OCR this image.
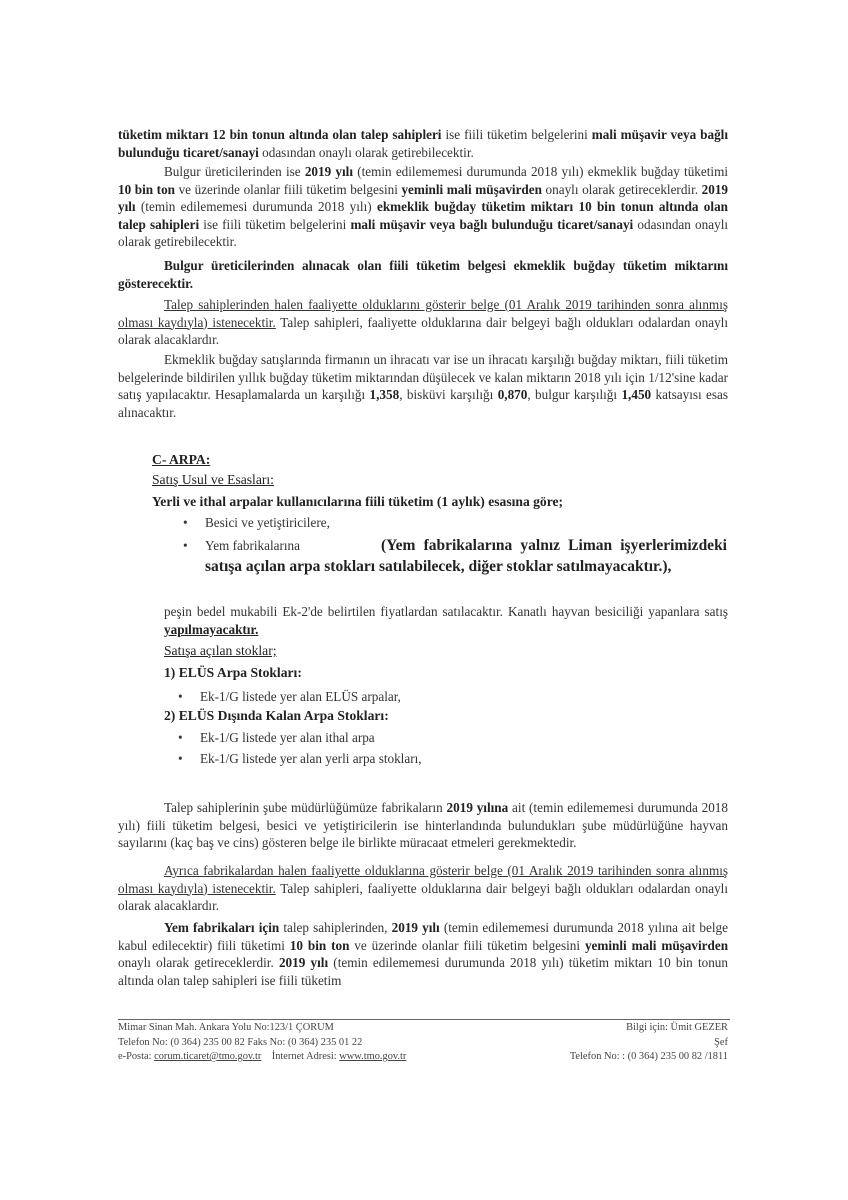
tüketim miktarı 12 bin tonun altında olan talep sahipleri ise fiili tüketim belgelerini mali müşavir veya bağlı bulunduğu ticaret/sanayi odasından onaylı olarak getirebilecektir.

Bulgur üreticilerinden ise 2019 yılı (temin edilememesi durumunda 2018 yılı) ekmeklik buğday tüketimi 10 bin ton ve üzerinde olanlar fiili tüketim belgesini yeminli mali müşavirden onaylı olarak getireceklerdir. 2019 yılı (temin edilememesi durumunda 2018 yılı) ekmeklik buğday tüketim miktarı 10 bin tonun altında olan talep sahipleri ise fiili tüketim belgelerini mali müşavir veya bağlı bulunduğu ticaret/sanayi odasından onaylı olarak getirebilecektir.

Bulgur üreticilerinden alınacak olan fiili tüketim belgesi ekmeklik buğday tüketim miktarını gösterecektir.

Talep sahiplerinden halen faaliyette olduklarını gösterir belge (01 Aralık 2019 tarihinden sonra alınmış olması kaydıyla) istenecektir. Talep sahipleri, faaliyette olduklarına dair belgeyi bağlı oldukları odalardan onaylı olarak alacaklardır.

Ekmeklik buğday satışlarında firmanın un ihracatı var ise un ihracatı karşılığı buğday miktarı, fiili tüketim belgelerinde bildirilen yıllık buğday tüketim miktarından düşülecek ve kalan miktarın 2018 yılı için 1/12'sine kadar satış yapılacaktır. Hesaplamalarda un karşılığı 1,358, bisküvi karşılığı 0,870, bulgur karşılığı 1,450 katsayısı esas alınacaktır.

C- ARPA:

Satış Usul ve Esasları:

Yerli ve ithal arpalar kullanıcılarına fiili tüketim (1 aylık) esasına göre;

• Besici ve yetiştiricilere,

• Yem fabrikalarına	(Yem fabrikalarına yalnız Liman işyerlerimizdeki satışa açılan arpa stokları satılabilecek, diğer stoklar satılmayacaktır.),

peşin bedel mukabili Ek-2'de belirtilen fiyatlardan satılacaktır. Kanatlı hayvan besiciliği yapanlara satış yapılmayacaktır.

Satışa açılan stoklar;

1) ELÜS Arpa Stokları:

• Ek-1/G listede yer alan ELÜS arpalar,

2) ELÜS Dışında Kalan Arpa Stokları:

• Ek-1/G listede yer alan ithal arpa

• Ek-1/G listede yer alan yerli arpa stokları,

Talep sahiplerinin şube müdürlüğümüze fabrikaların 2019 yılına ait (temin edilememesi durumunda 2018 yılı) fiili tüketim belgesi, besici ve yetiştiricilerin ise hinterlandında bulundukları şube müdürlüğüne hayvan sayılarını (kaç baş ve cins) gösteren belge ile birlikte müracaat etmeleri gerekmektedir.

Ayrıca fabrikalardan halen faaliyette olduklarına gösterir belge (01 Aralık 2019 tarihinden sonra alınmış olması kaydıyla) istenecektir. Talep sahipleri, faaliyette olduklarına dair belgeyi bağlı oldukları odalardan onaylı olarak alacaklardır.

Yem fabrikaları için talep sahiplerinden, 2019 yılı (temin edilememesi durumunda 2018 yılına ait belge kabul edilecektir) fiili tüketimi 10 bin ton ve üzerinde olanlar fiili tüketim belgesini yeminli mali müşavirden onaylı olarak getireceklerdir. 2019 yılı (temin edilememesi durumunda 2018 yılı) tüketim miktarı 10 bin tonun altında olan talep sahipleri ise fiili tüketim

Mimar Sinan Mah. Ankara Yolu No:123/1 ÇORUM
Telefon No: (0 364) 235 00 82 Faks No: (0 364) 235 01 22
e-Posta: corum.ticaret@tmo.gov.tr İnternet Adresi: www.tmo.gov.tr
Bilgi için: Ümit GEZER
Şef
Telefon No: : (0 364) 235 00 82 /1811
